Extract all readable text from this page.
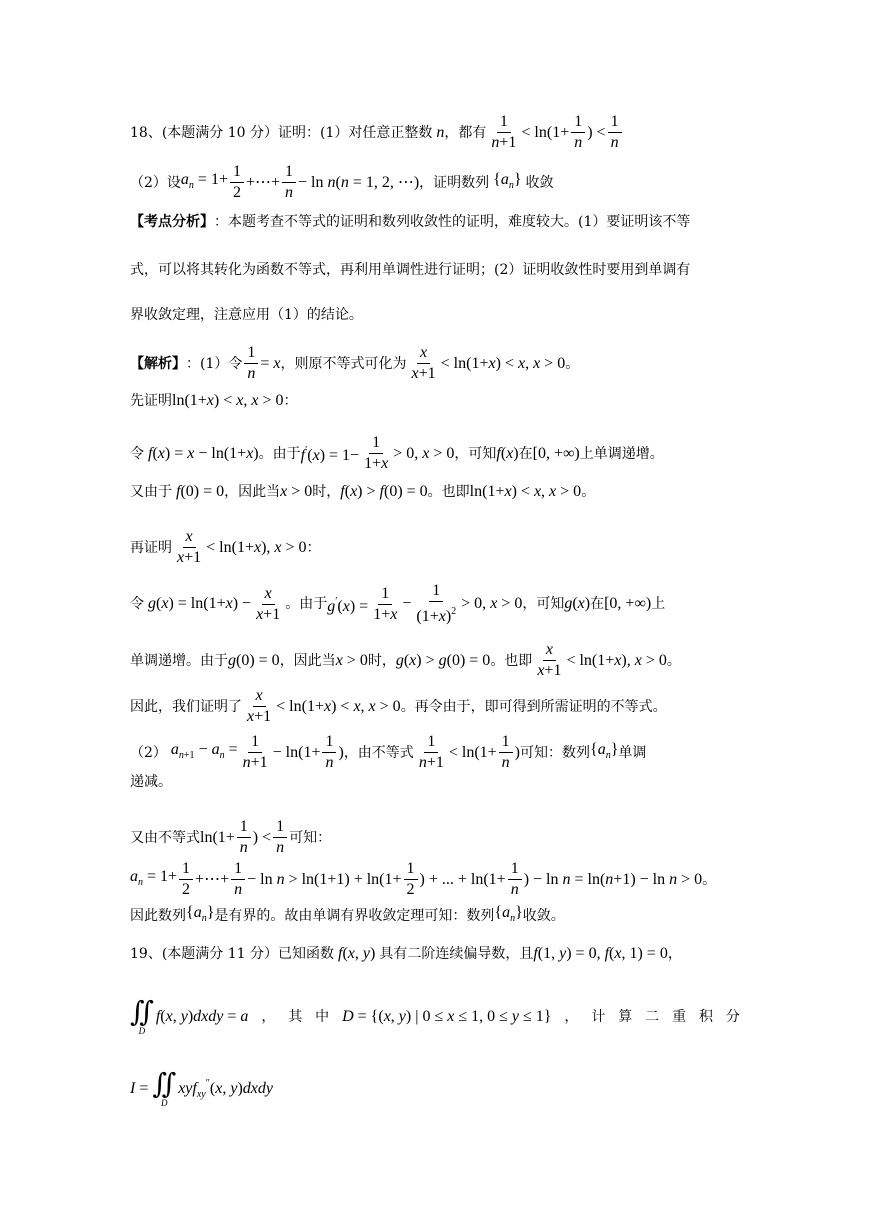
18、(本题满分 10 分）证明：(1）对任意正整数 n ，都有 $\frac{1}{n+1} < \ln(1+ \frac{1}{n}$ ) < $\frac{1}{n}$
（2）设 $a_n = 1+ \frac{1}{2}$ +⋯+ $\frac{1}{n} - \ln n(n = 1$, 2, ⋯) ，证明数列 $\{a_n\}$ 收敛
【考点分析】 ：本题考查不等式的证明和数列收敛性的证明，难度较大。(1）要证明该不等
式，可以将其转化为函数不等式，再利用单调性进行证明；(2）证明收敛性时要用到单调有
界收敛定理，注意应用（1）的结论。
【解析】 ：(1）令 $\frac{1}{n} = x$ ，则原不等式可化为 $\frac{x}{x+1} < \ln(1+x) < x$, x > 0 。
先证明 ln(1+x) < x, x > 0 ：
令 f(x) = x − ln(1+x) 。由于 $f'(x) = 1- \frac{1}{1+x} > 0$, x > 0 ，可知 f(x) 在 [0, +∞) 上单调递增。
又由于 f(0) = 0 ，因此当 x > 0 时， f(x) > f(0) = 0 。也即 ln(1+x) < x, x > 0 。
再证明 $\frac{x}{x+1} < \ln(1+x)$, x > 0 ：
令 $g(x) = \ln(1+x) - \frac{x}{x+1}$ 。由于 $g'(x) = \frac{1}{1+x} - \frac{1}{(1+x)^2} > 0$, x > 0 ，可知 g(x) 在 [0, +∞) 上
单调递增。由于 g(0) = 0 ，因此当 x > 0 时， g(x) > g(0) = 0 。也即 $\frac{x}{x+1} < \ln(1+x)$, x > 0 。
因此，我们证明了 $\frac{x}{x+1} < \ln(1+x) < x$, x > 0 。再令由于，即可得到所需证明的不等式。
（2） $a_{n+1} - a_n = \frac{1}{n+1} - \ln(1+ \frac{1}{n}$ ) ，由不等式 $\frac{1}{n+1} < \ln(1+ \frac{1}{n}$ ) 可知：数列 $\{a_n\}$ 单调
递减。
又由不等式 $\ln(1+ \frac{1}{n}$ ) < $\frac{1}{n}$ 可知：
$a_n = 1+ \frac{1}{2}$ +⋯+ $\frac{1}{n} - \ln n > \ln(1+1) + \ln(1+ \frac{1}{2}$ ) + ... + $\ln(1+ \frac{1}{n}$ ) − ln n = ln(n+1) − ln n > 0 。
因此数列 $\{a_n\}$ 是有界的。故由单调有界收敛定理可知：数列 $\{a_n\}$ 收敛。
19、(本题满分 11 分）已知函数 f(x, y) 具有二阶连续偏导数，且 f(1, y) = 0, f(x, 1) = 0 ，
∬
D
f(x, y)dxdy = a ， 其 中 D = {(x, y) | 0 ≤ x ≤ 1, 0 ≤ y ≤ 1} ， 计 算 二 重 积 分
I = ∬
D
xyf$_{xy}$″(x, y)dxdy
